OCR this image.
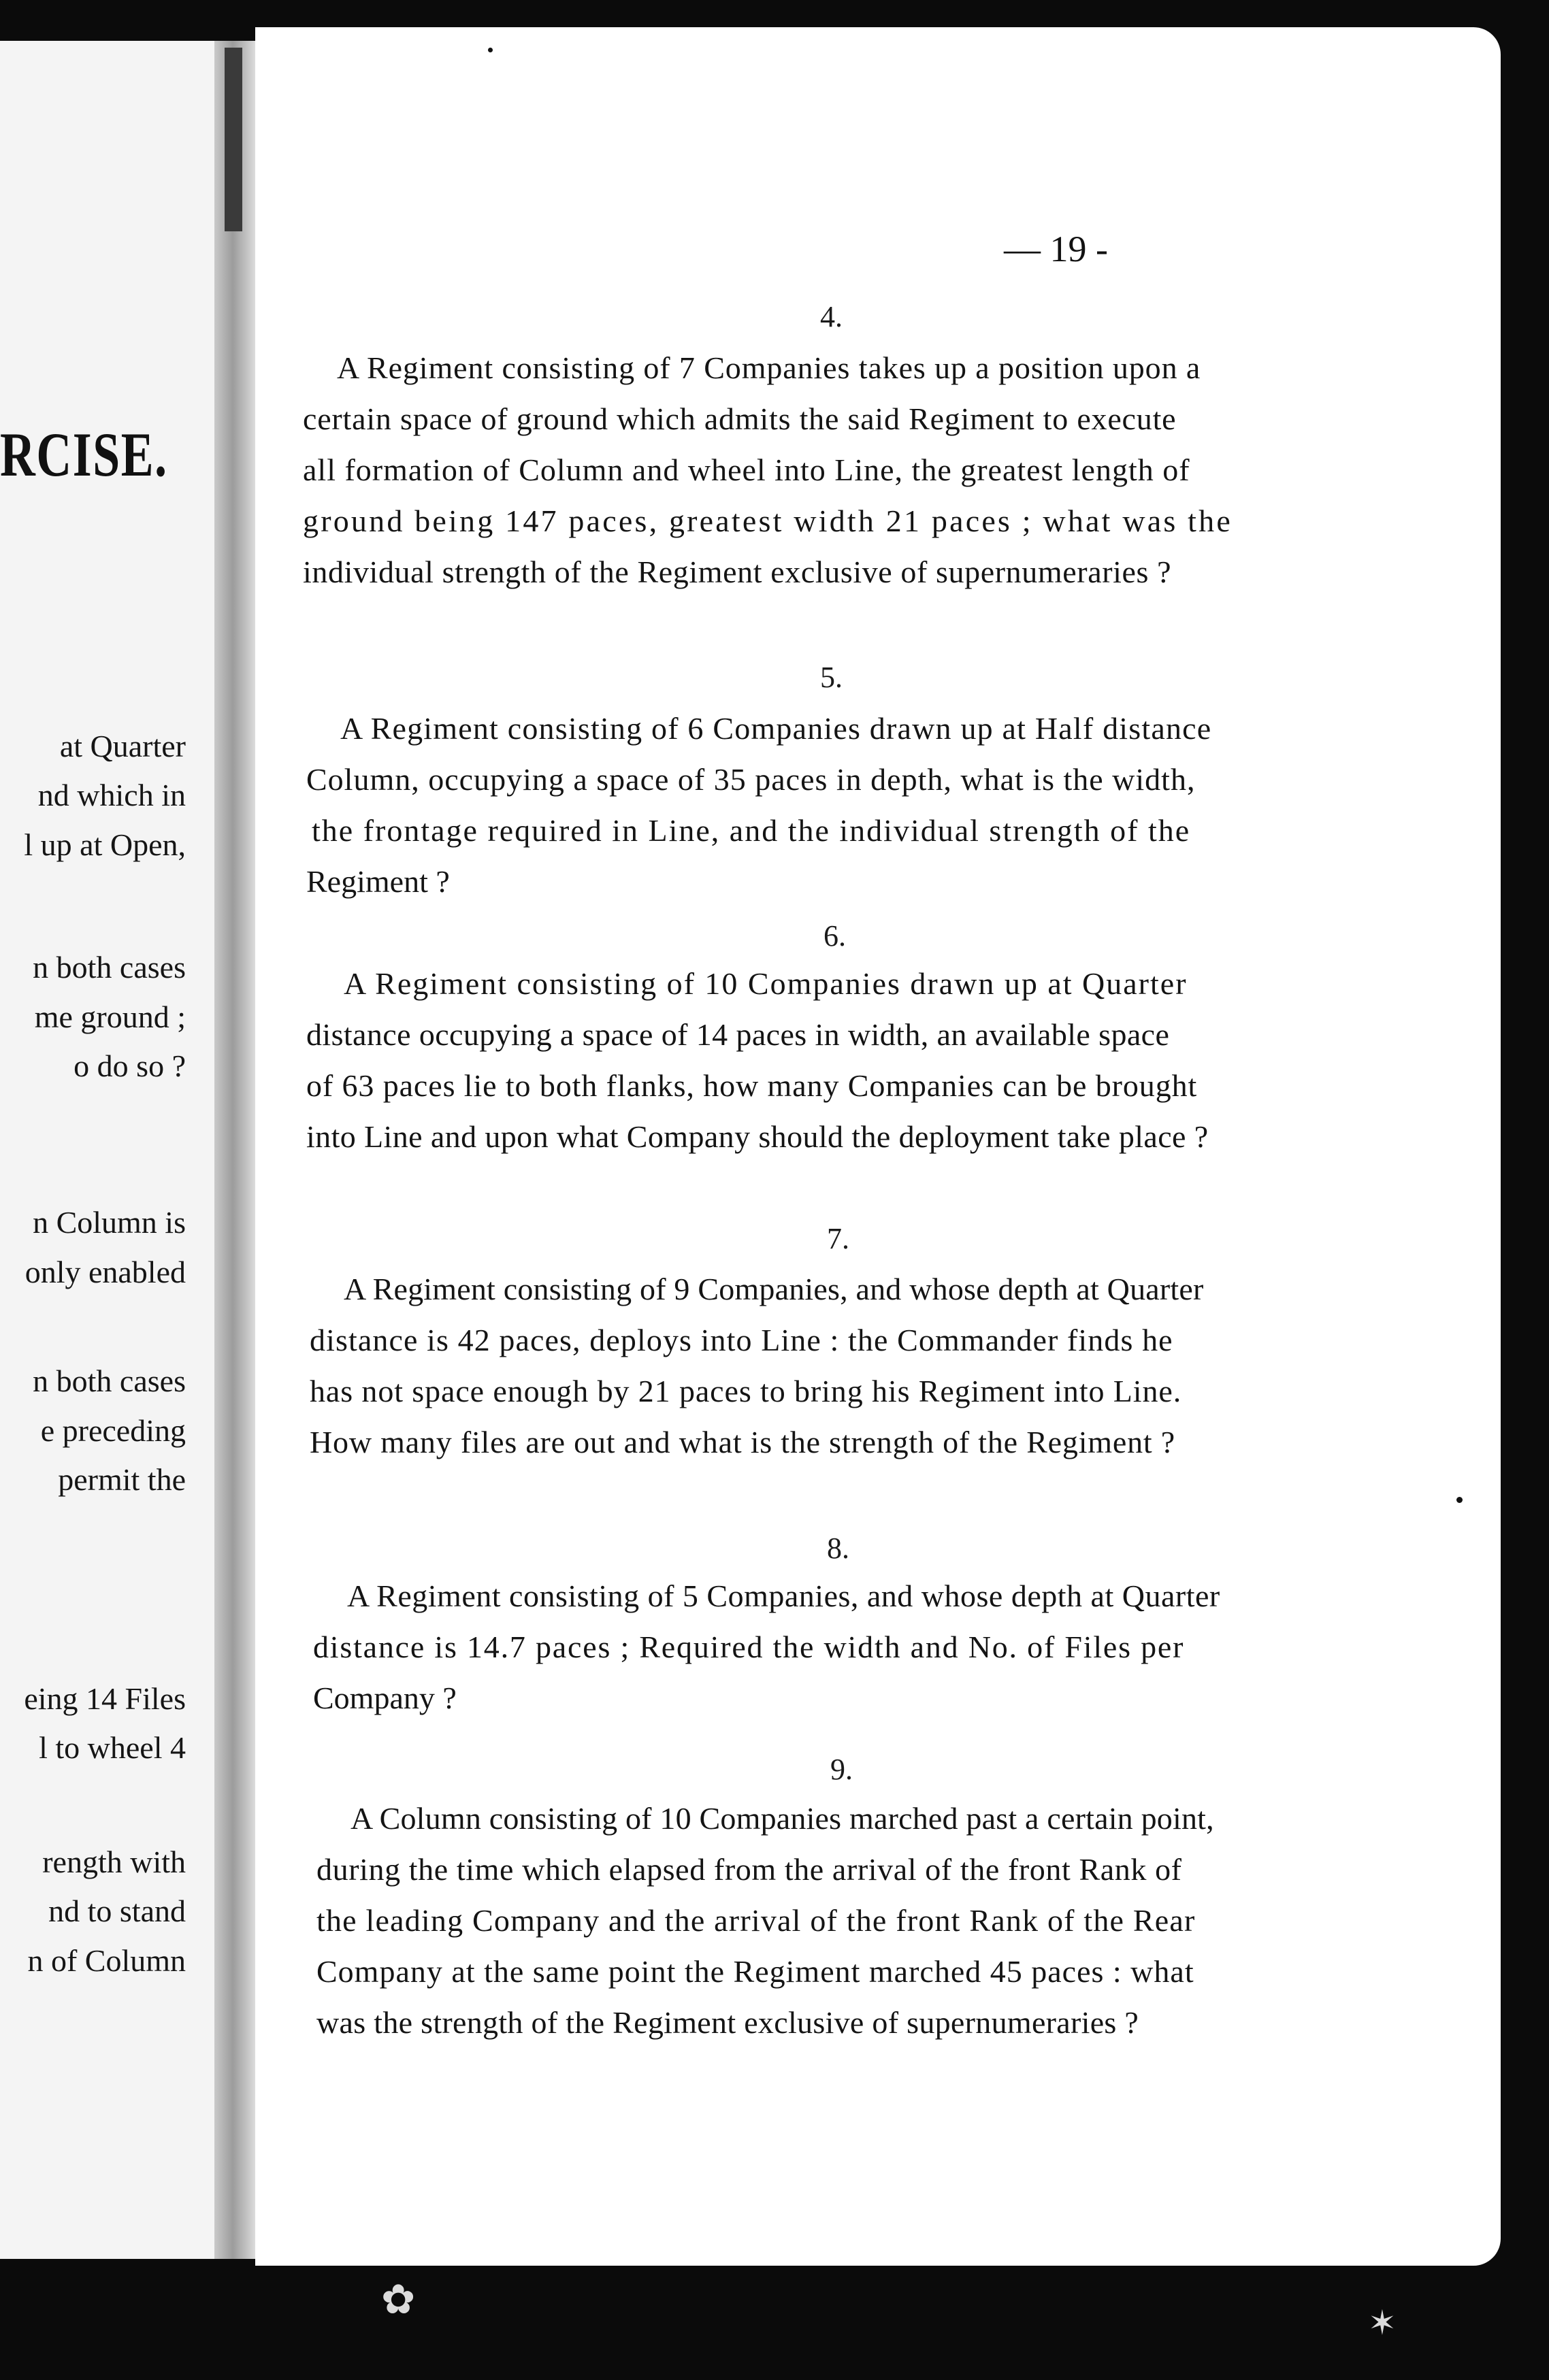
RCISE.
at Quarter
nd which in
l up at Open,
n both cases
me ground ;
o do so ?
n Column is
only enabled
n both cases
e preceding
permit the
eing 14 Files
l to wheel 4
rength with
nd to stand
n of Column
— 19 -
4.
A Regiment consisting of 7 Companies takes up a position upon a
certain space of ground which admits the said Regiment to execute
all formation of Column and wheel into Line, the greatest length of
ground being 147 paces, greatest width 21 paces ; what was the
individual strength of the Regiment exclusive of supernumeraries ?
5.
A Regiment consisting of 6 Companies drawn up at Half distance
Column, occupying a space of 35 paces in depth, what is the width,
the frontage required in Line, and the individual strength of the
Regiment ?
6.
A Regiment consisting of 10 Companies drawn up at Quarter
distance occupying a space of 14 paces in width, an available space
of 63 paces lie to both flanks, how many Companies can be brought
into Line and upon what Company should the deployment take place ?
7.
A Regiment consisting of 9 Companies, and whose depth at Quarter
distance is 42 paces, deploys into Line : the Commander finds he
has not space enough by 21 paces to bring his Regiment into Line.
How many files are out and what is the strength of the Regiment ?
8.
A Regiment consisting of 5 Companies, and whose depth at Quarter
distance is 14.7 paces ; Required the width and No. of Files per
Company ?
9.
A Column consisting of 10 Companies marched past a certain point,
during the time which elapsed from the arrival of the front Rank of
the leading Company and the arrival of the front Rank of the Rear
Company at the same point the Regiment marched 45 paces : what
was the strength of the Regiment exclusive of supernumeraries ?
✿	✶
